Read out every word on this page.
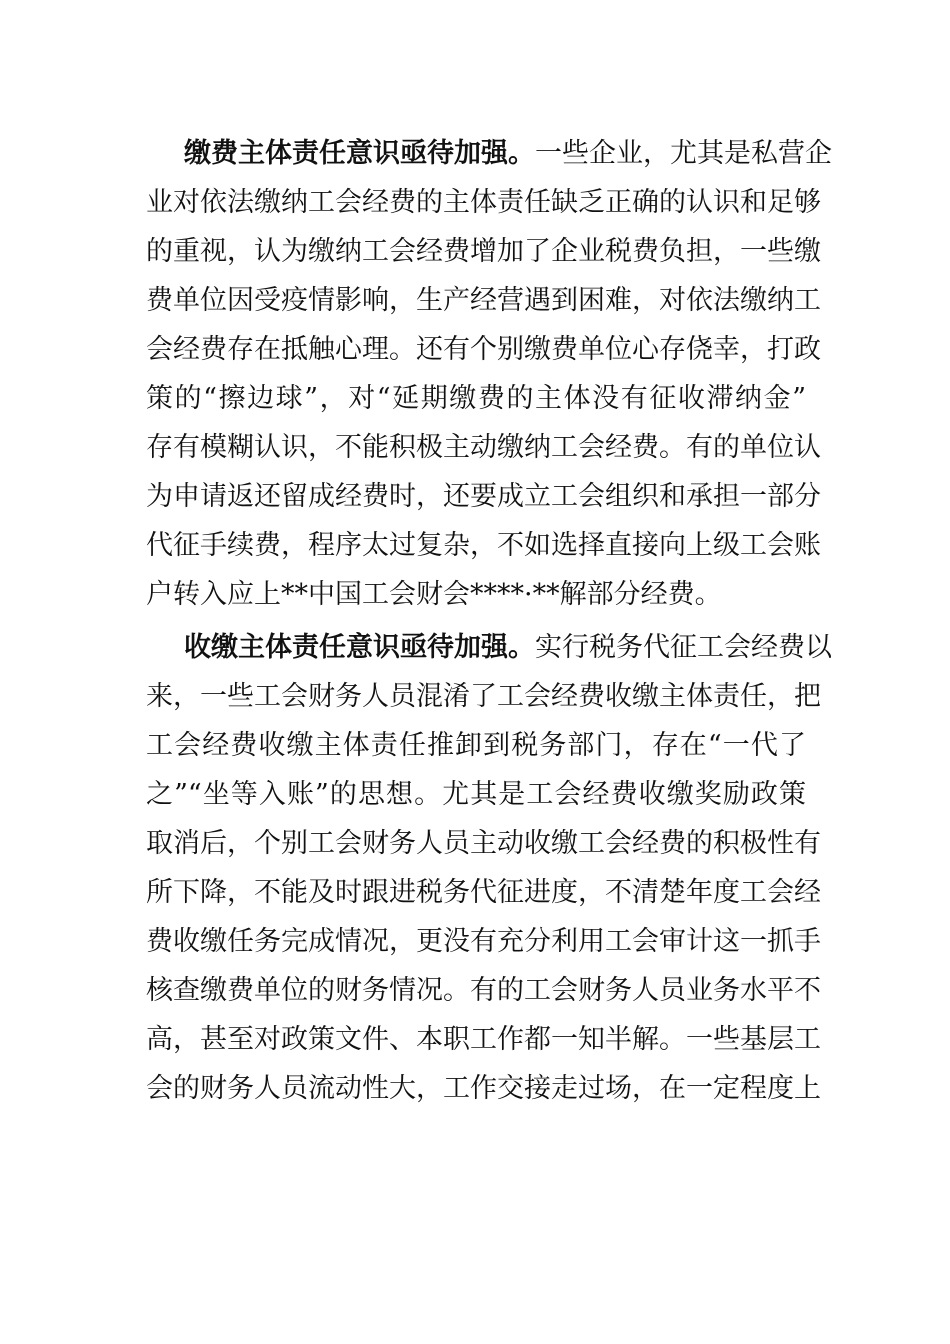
缴费主体责任意识亟待加强。一些企业，尤其是私营企
业对依法缴纳工会经费的主体责任缺乏正确的认识和足够
的重视，认为缴纳工会经费增加了企业税费负担，一些缴
费单位因受疫情影响，生产经营遇到困难，对依法缴纳工
会经费存在抵触心理。还有个别缴费单位心存侥幸，打政
策的“擦边球”，对“延期缴费的主体没有征收滞纳金”
存有模糊认识，不能积极主动缴纳工会经费。有的单位认
为申请返还留成经费时，还要成立工会组织和承担一部分
代征手续费，程序太过复杂，不如选择直接向上级工会账
户转入应上**中国工会财会****·**解部分经费。
收缴主体责任意识亟待加强。实行税务代征工会经费以
来，一些工会财务人员混淆了工会经费收缴主体责任，把
工会经费收缴主体责任推卸到税务部门，存在“一代了
之”“坐等入账”的思想。尤其是工会经费收缴奖励政策
取消后，个别工会财务人员主动收缴工会经费的积极性有
所下降，不能及时跟进税务代征进度，不清楚年度工会经
费收缴任务完成情况，更没有充分利用工会审计这一抓手
核查缴费单位的财务情况。有的工会财务人员业务水平不
高，甚至对政策文件、本职工作都一知半解。一些基层工
会的财务人员流动性大，工作交接走过场，在一定程度上
